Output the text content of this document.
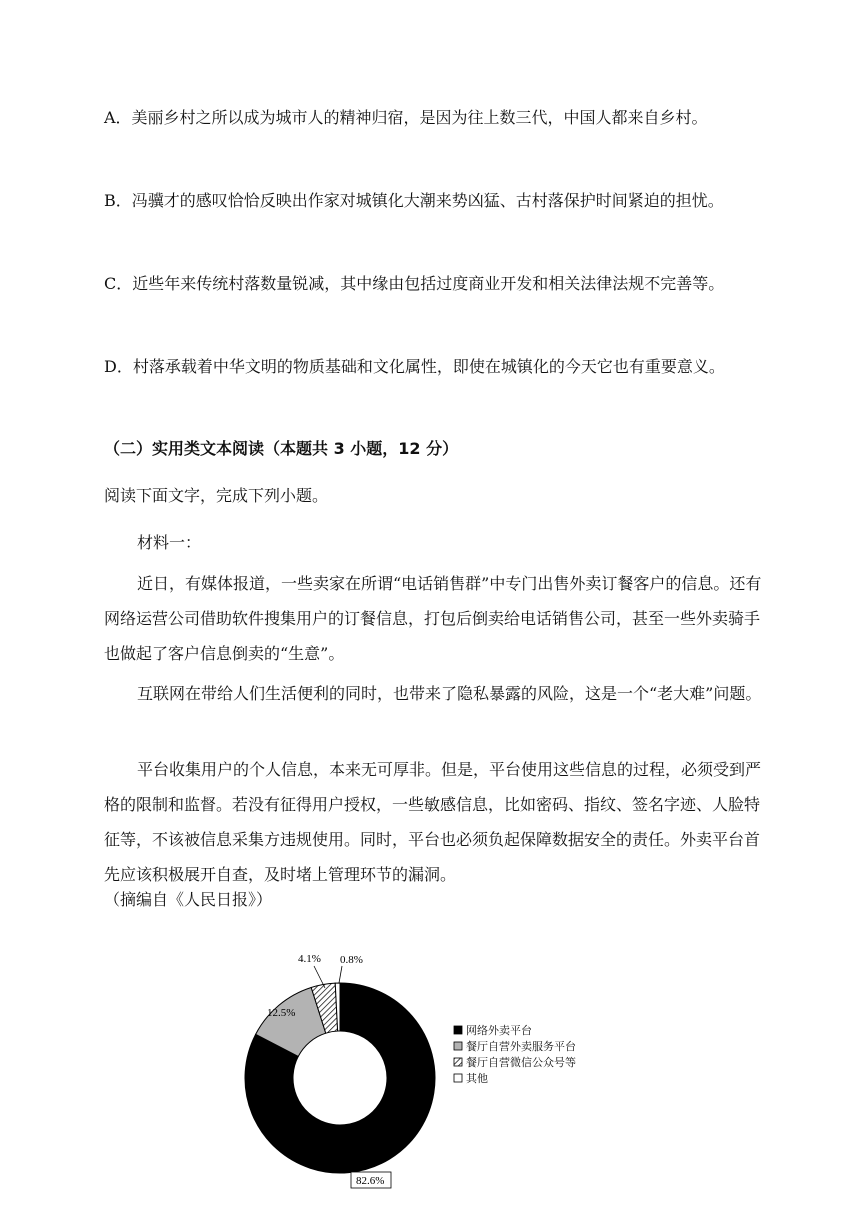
A．美丽乡村之所以成为城市人的精神归宿，是因为往上数三代，中国人都来自乡村。
B．冯骥才的感叹恰恰反映出作家对城镇化大潮来势凶猛、古村落保护时间紧迫的担忧。
C．近些年来传统村落数量锐减，其中缘由包括过度商业开发和相关法律法规不完善等。
D．村落承载着中华文明的物质基础和文化属性，即使在城镇化的今天它也有重要意义。
（二）实用类文本阅读（本题共 3 小题，12 分）
阅读下面文字，完成下列小题。
材料一：
近日，有媒体报道，一些卖家在所谓“电话销售群”中专门出售外卖订餐客户的信息。还有网络运营公司借助软件搜集用户的订餐信息，打包后倒卖给电话销售公司，甚至一些外卖骑手也做起了客户信息倒卖的“生意”。
互联网在带给人们生活便利的同时，也带来了隐私暴露的风险，这是一个“老大难”问题。
平台收集用户的个人信息，本来无可厚非。但是，平台使用这些信息的过程，必须受到严格的限制和监督。若没有征得用户授权，一些敏感信息，比如密码、指纹、签名字迹、人脸特征等，不该被信息采集方违规使用。同时，平台也必须负起保障数据安全的责任。外卖平台首先应该积极展开自查，及时堵上管理环节的漏洞。
（摘编自《人民日报》）
82.6%
12.5%
4.1% 0.8%
网络外卖平台
餐厅自营外卖服务平台
餐厅自营微信公众号等
其他
